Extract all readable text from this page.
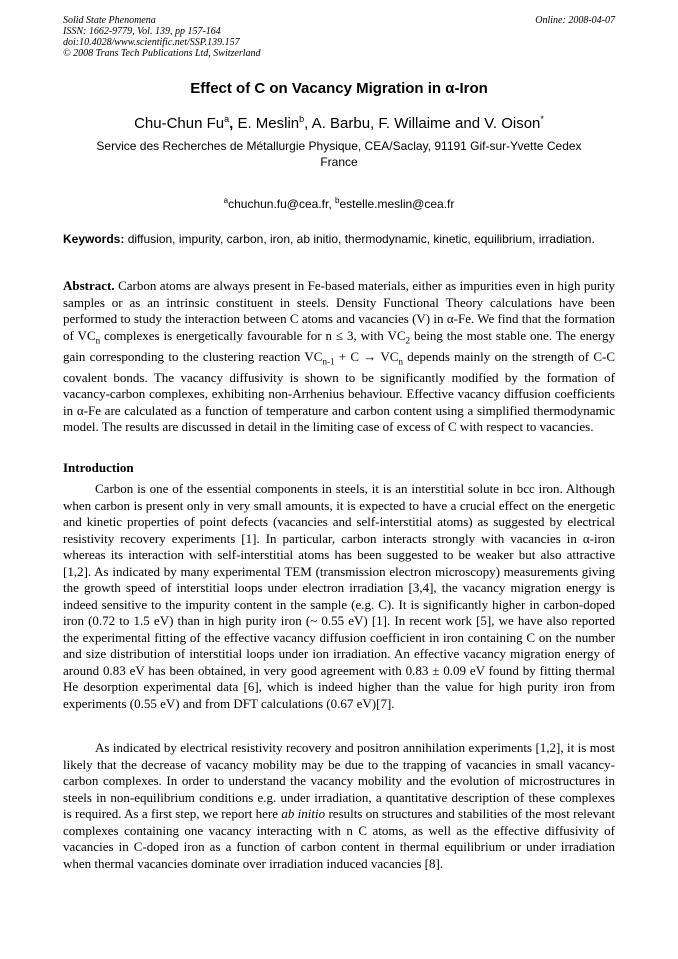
Solid State Phenomena
ISSN: 1662-9779, Vol. 139, pp 157-164
doi:10.4028/www.scientific.net/SSP.139.157
© 2008 Trans Tech Publications Ltd, Switzerland
Online: 2008-04-07
Effect of C on Vacancy Migration in α-Iron
Chu-Chun Fu$^a$, E. Meslin$^b$, A. Barbu, F. Willaime and V. Oison*
Service des Recherches de Métallurgie Physique, CEA/Saclay, 91191 Gif-sur-Yvette Cedex France
$^a$chuchun.fu@cea.fr, $^b$estelle.meslin@cea.fr
Keywords: diffusion, impurity, carbon, iron, ab initio, thermodynamic, kinetic, equilibrium, irradiation.
Abstract. Carbon atoms are always present in Fe-based materials, either as impurities even in high purity samples or as an intrinsic constituent in steels. Density Functional Theory calculations have been performed to study the interaction between C atoms and vacancies (V) in α-Fe. We find that the formation of $VC_n$ complexes is energetically favourable for n ≤ 3, with $VC_2$ being the most stable one. The energy gain corresponding to the clustering reaction $VC_{n-1} + C \to VC_n$ depends mainly on the strength of C-C covalent bonds. The vacancy diffusivity is shown to be significantly modified by the formation of vacancy-carbon complexes, exhibiting non-Arrhenius behaviour. Effective vacancy diffusion coefficients in α-Fe are calculated as a function of temperature and carbon content using a simplified thermodynamic model. The results are discussed in detail in the limiting case of excess of C with respect to vacancies.
Introduction
Carbon is one of the essential components in steels, it is an interstitial solute in bcc iron. Although when carbon is present only in very small amounts, it is expected to have a crucial effect on the energetic and kinetic properties of point defects (vacancies and self-interstitial atoms) as suggested by electrical resistivity recovery experiments [1]. In particular, carbon interacts strongly with vacancies in α-iron whereas its interaction with self-interstitial atoms has been suggested to be weaker but also attractive [1,2]. As indicated by many experimental TEM (transmission electron microscopy) measurements giving the growth speed of interstitial loops under electron irradiation [3,4], the vacancy migration energy is indeed sensitive to the impurity content in the sample (e.g. C). It is significantly higher in carbon-doped iron (0.72 to 1.5 eV) than in high purity iron (~ 0.55 eV) [1]. In recent work [5], we have also reported the experimental fitting of the effective vacancy diffusion coefficient in iron containing C on the number and size distribution of interstitial loops under ion irradiation. An effective vacancy migration energy of around 0.83 eV has been obtained, in very good agreement with 0.83 ± 0.09 eV found by fitting thermal He desorption experimental data [6], which is indeed higher than the value for high purity iron from experiments (0.55 eV) and from DFT calculations (0.67 eV)[7].
As indicated by electrical resistivity recovery and positron annihilation experiments [1,2], it is most likely that the decrease of vacancy mobility may be due to the trapping of vacancies in small vacancy-carbon complexes. In order to understand the vacancy mobility and the evolution of microstructures in steels in non-equilibrium conditions e.g. under irradiation, a quantitative description of these complexes is required. As a first step, we report here ab initio results on structures and stabilities of the most relevant complexes containing one vacancy interacting with n C atoms, as well as the effective diffusivity of vacancies in C-doped iron as a function of carbon content in thermal equilibrium or under irradiation when thermal vacancies dominate over irradiation induced vacancies [8].
